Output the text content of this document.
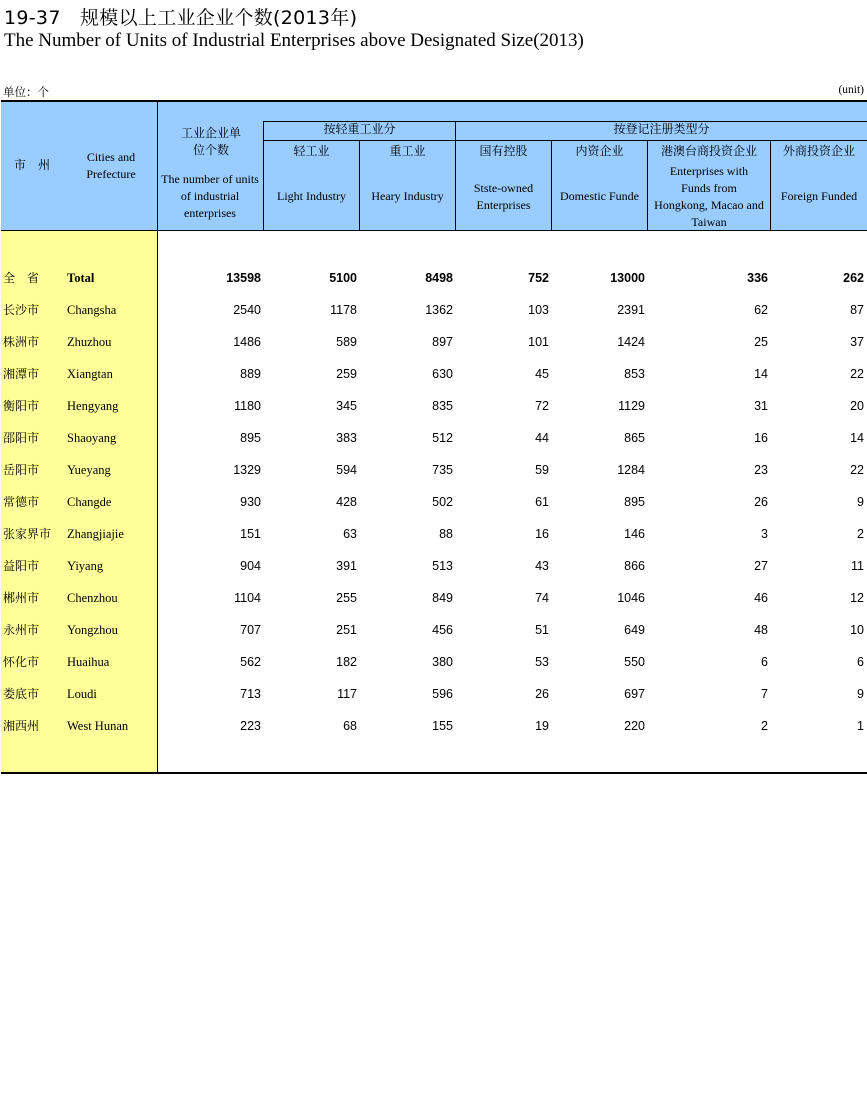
19-37　规模以上工业企业个数(2013年)
The Number of Units of Industrial Enterprises above Designated Size(2013)
单位：个	(unit)
市　州
Cities and Prefecture
工业企业单位个数
The number of units of industrial enterprises
按轻重工业分	按登记注册类型分
轻工业
Light Industry
重工业
Heary Industry
国有控股
Stste-owned Enterprises
内资企业
Domestic Funde
港澳台商投资企业
Enterprises with Funds from Hongkong, Macao and Taiwan
外商投资企业
Foreign Funded
全　省 Total	13598	5100	8498	752	13000	336	262
长沙市 Changsha	2540	1178	1362	103	2391	62	87
株洲市 Zhuzhou	1486	589	897	101	1424	25	37
湘潭市 Xiangtan	889	259	630	45	853	14	22
衡阳市 Hengyang	1180	345	835	72	1129	31	20
邵阳市 Shaoyang	895	383	512	44	865	16	14
岳阳市 Yueyang	1329	594	735	59	1284	23	22
常德市 Changde	930	428	502	61	895	26	9
张家界市 Zhangjiajie	151	63	88	16	146	3	2
益阳市 Yiyang	904	391	513	43	866	27	11
郴州市 Chenzhou	1104	255	849	74	1046	46	12
永州市 Yongzhou	707	251	456	51	649	48	10
怀化市 Huaihua	562	182	380	53	550	6	6
娄底市 Loudi	713	117	596	26	697	7	9
湘西州 West Hunan	223	68	155	19	220	2	1
